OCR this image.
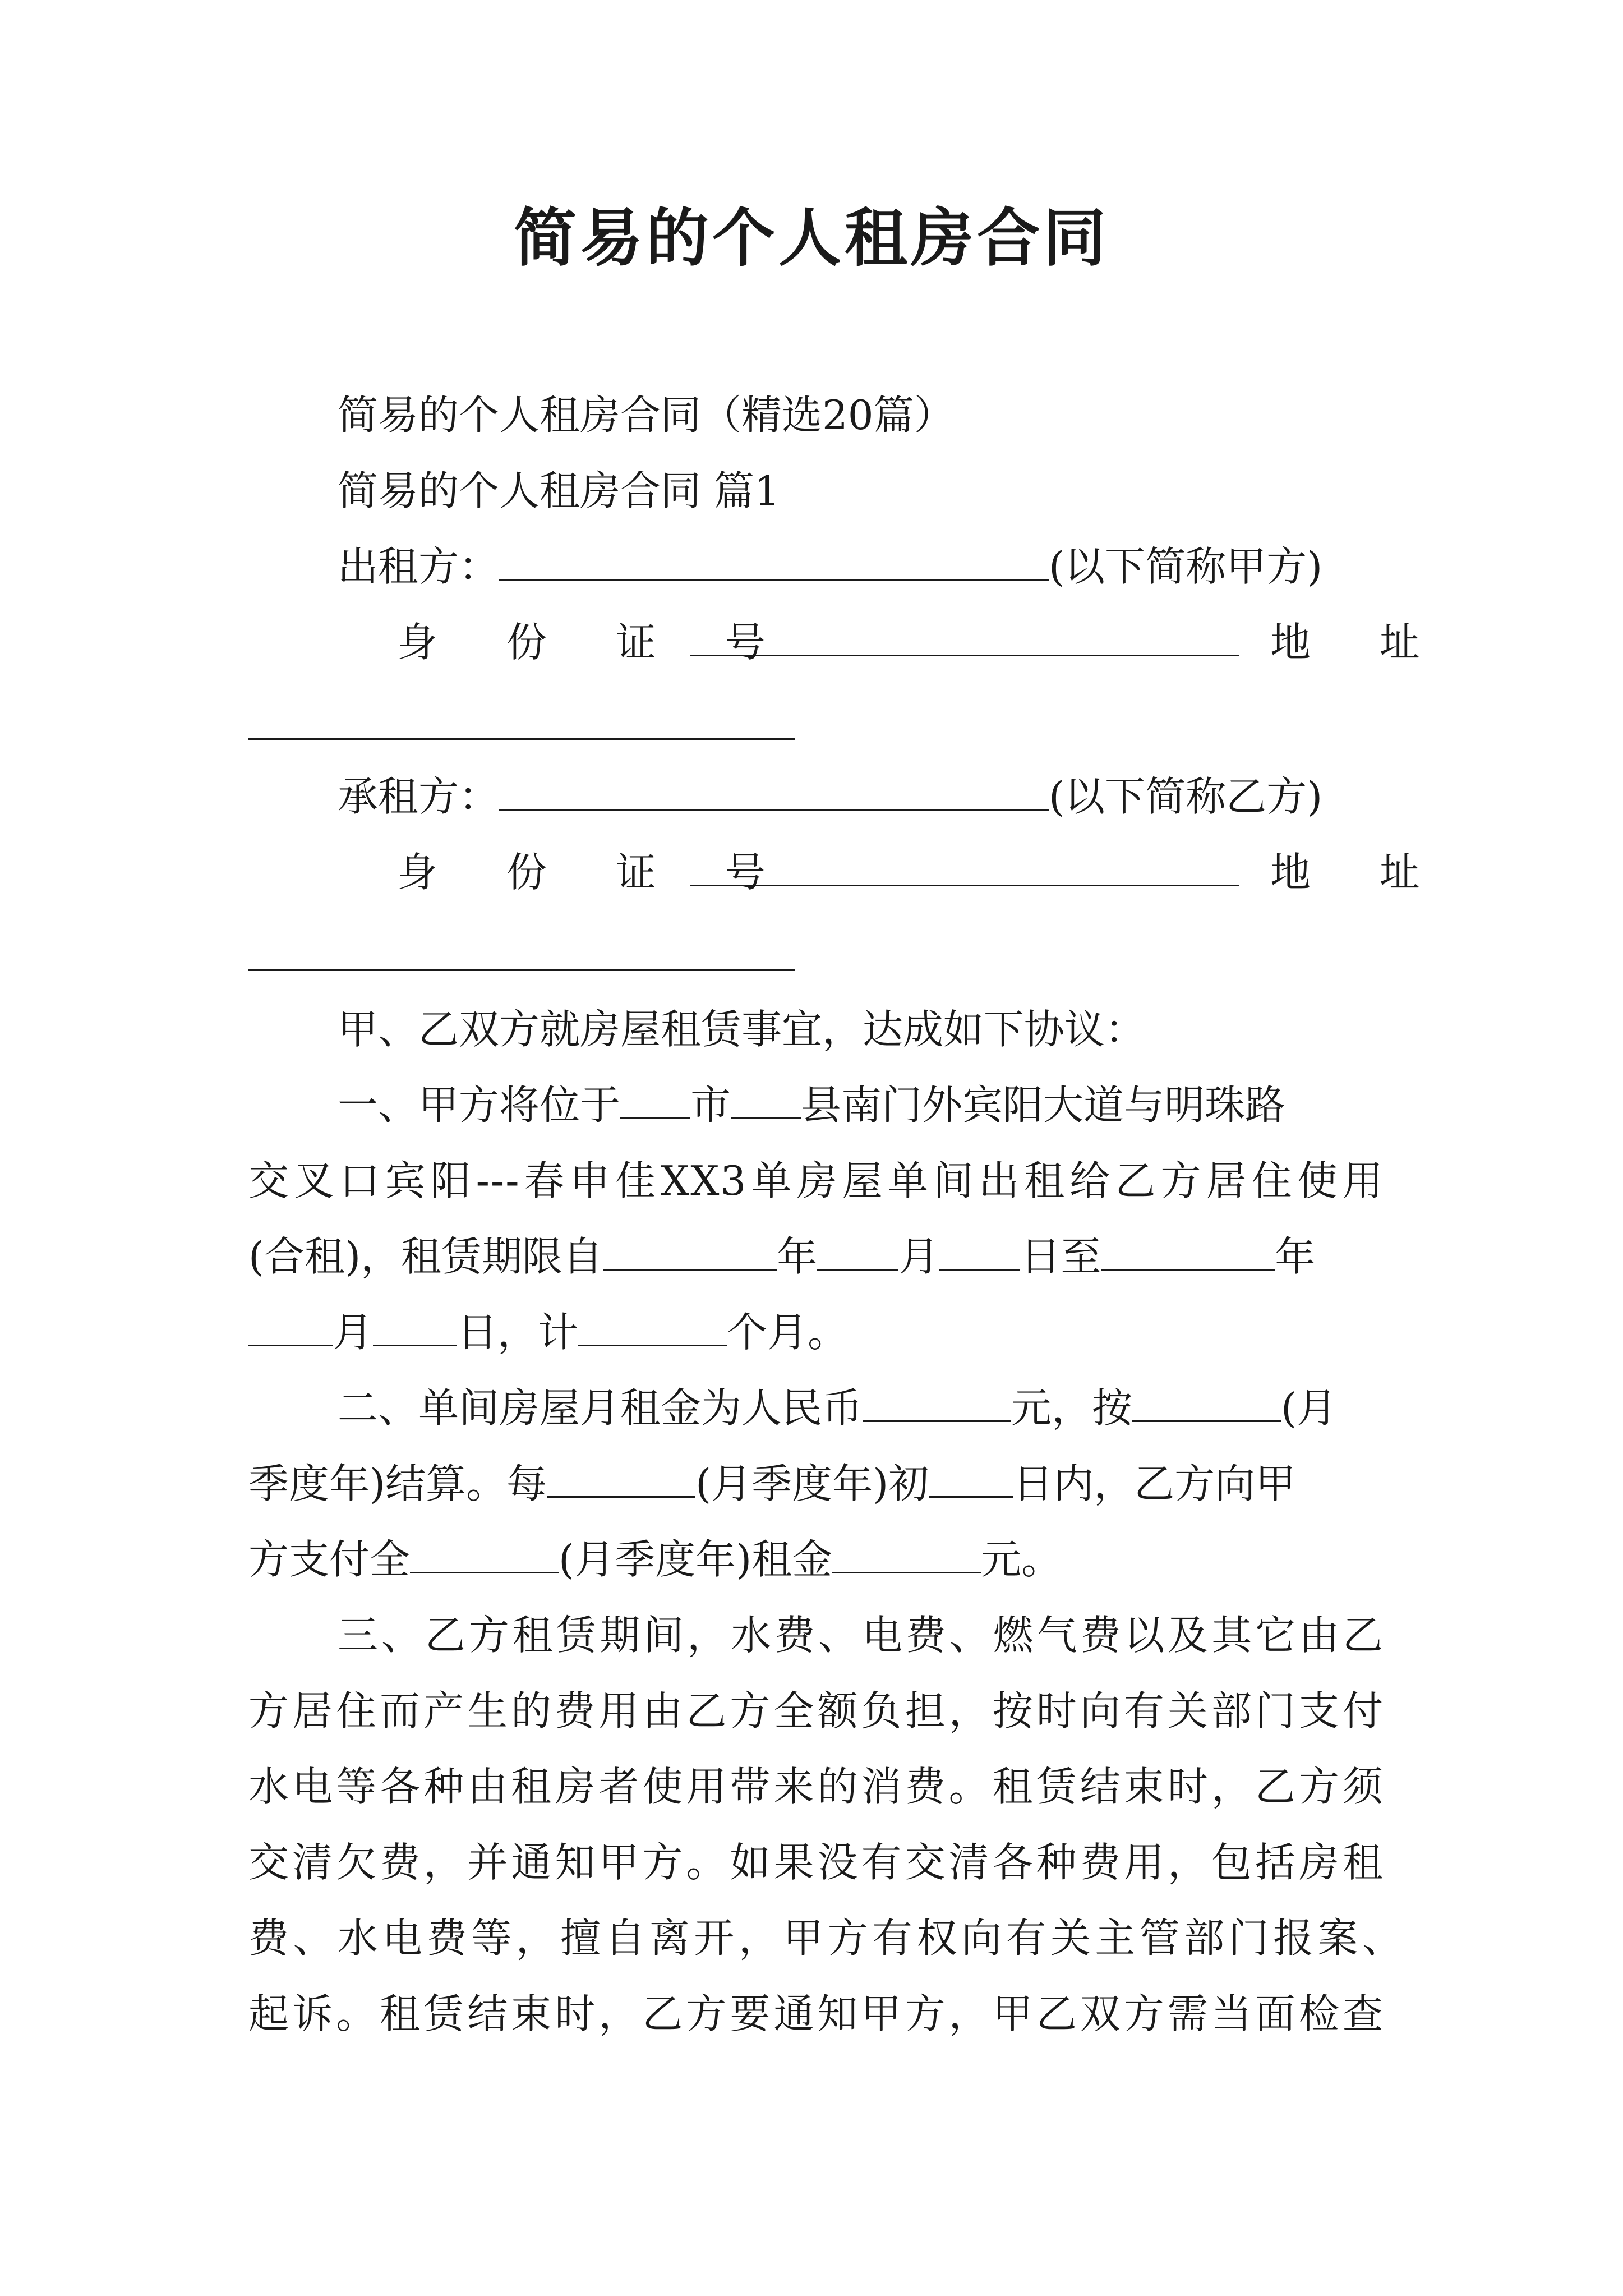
简易的个人租房合同
简易的个人租房合同（精选20篇）
简易的个人租房合同 篇1
出租方：	(以下简称甲方)
身 份 证 号	地 址
承租方：	(以下简称乙方)
身 份 证 号	地 址
甲、乙双方就房屋租赁事宜，达成如下协议：
一、甲方将位于 市 县南门外宾阳大道与明珠路
交叉口宾阳---春申佳XX3单房屋单间出租给乙方居住使用
(合租)，租赁期限自	年 月 日至	年
月 日，计	个月。
二、单间房屋月租金为人民币	元，按	(月
季度年)结算。每	(月季度年)初 日内，乙方向甲
方支付全	(月季度年)租金	元。
三、乙方租赁期间，水费、电费、燃气费以及其它由乙
方居住而产生的费用由乙方全额负担，按时向有关部门支付
水电等各种由租房者使用带来的消费。租赁结束时，乙方须
交清欠费，并通知甲方。如果没有交清各种费用，包括房租
费、水电费等，擅自离开，甲方有权向有关主管部门报案、
起诉。租赁结束时，乙方要通知甲方，甲乙双方需当面检查
